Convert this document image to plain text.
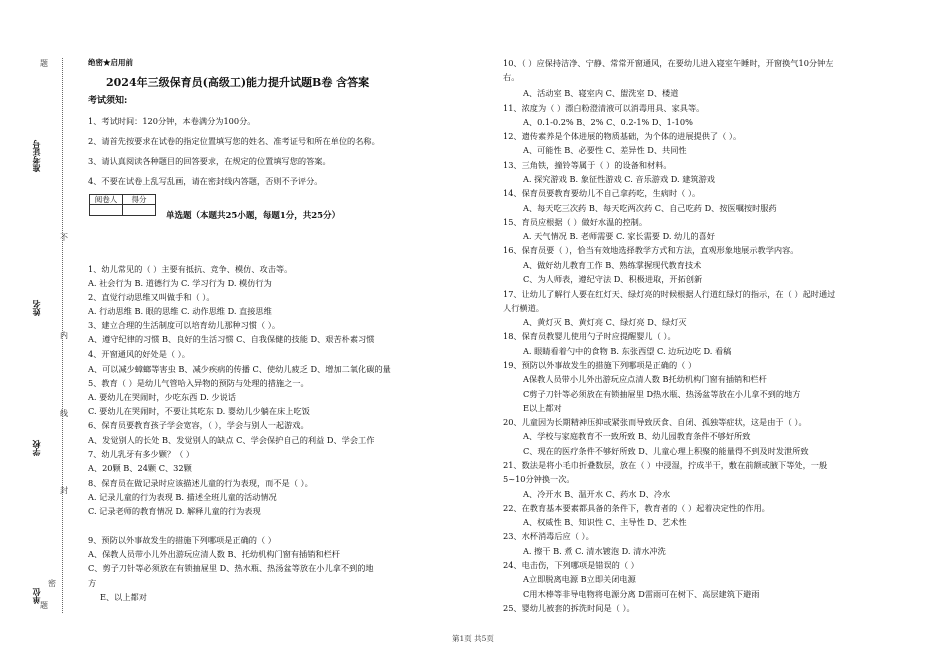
题
准考证号
姓名
学校
单位
不
内
线
封
密
题
绝密★启用前
2024年三级保育员(高级工)能力提升试题B卷 含答案
考试须知:
1、考试时间：120分钟，本卷满分为100分。
2、请首先按要求在试卷的指定位置填写您的姓名、准考证号和所在单位的名称。
3、请认真阅读各种题目的回答要求，在规定的位置填写您的答案。
4、不要在试卷上乱写乱画，请在密封线内答题，否则不予评分。
阅卷人	得分

单选题（本题共25小题，每题1分，共25分）
1、幼儿常见的（ ）主要有抵抗、竞争、模仿、攻击等。
A. 社会行为 B. 道德行为 C. 学习行为 D. 模仿行为
2、直觉行动思维又叫做手和（ ）。
A. 行动思维 B. 眼的思维 C. 动作思维 D. 直接思维
3、建立合理的生活制度可以培育幼儿那种习惯（ ）。
A、遵守纪律的习惯 B、良好的生活习惯 C、自我保健的技能 D、艰苦朴素习惯
4、开窗通风的好处是（ ）。
A、可以减少蟑螂等害虫 B、减少疾病的传播 C、使幼儿疲乏 D、增加二氧化碳的量
5、教育（ ）是幼儿气管哈入异物的预防与处理的措施之一。
A. 要幼儿在哭闹时，少吃东西 D. 少说话
C. 要幼儿在哭闹时，不要让其吃东 D. 婴幼儿少躺在床上吃饭
6、保育员要教育孩子学会宽容，（ ），学会与别人一起游戏。
A、发觉别人的长处 B、发觉别人的缺点 C、学会保护自己的利益 D、学会工作
7、幼儿乳牙有多少颗？（ ）
A、20颗 B、24颗 C、32颗
8、保育员在做记录时应该描述儿童的行为表现，而不是（ ）。
A. 记录儿童的行为表现 B. 描述全班儿童的活动情况
C. 记录老师的教育情况 D. 解释儿童的行为表现
9、预防以外事故发生的措施下列哪项是正确的（ ）
A、保教人员带小儿外出游玩应清人数 B、托幼机构门窗有插销和栏杆
C、剪子刀针等必须放在有锁抽屉里 D、热水瓶、热汤盆等放在小儿拿不到的地
方
E、以上都对
10、（ ）应保持洁净、宁静、常常开窗通风，在要幼儿进入寝室午睡时，开窗换气10分钟左
右。
A、活动室 B、寝室内 C、盥洗室 D、楼道
11、浓度为（ ）漂白粉澄清液可以消毒用具、家具等。
A、0.1-0.2% B、2% C、0.2-1% D、1-10%
12、遗传素养是个体进展的物质基础，为个体的进展提供了（ ）。
A、可能性 B、必要性 C、差异性 D、共同性
13、三角铁，撞铃等属于（ ）的设备和材料。
A. 探究游戏 B. 象征性游戏 C. 音乐游戏 D. 建筑游戏
14、保育员要教育要幼儿不自己拿药吃，生病时（ ）。
A、每天吃三次药 B、每天吃两次药 C、自己吃药 D、按医嘱按时服药
15、育员应根据（ ）做好水温的控制。
A. 天气情况 B. 老师需要 C. 家长需要 D. 幼儿的喜好
16、保育员要（ ），恰当有效地选择教学方式和方法，直观形象地展示教学内容。
A、做好幼儿教育工作 B、熟练掌握现代教育技术
C、为人师表，遵纪守法 D、积极进取，开拓创新
17、让幼儿了解行人要在红灯天、绿灯亮的时候根据人行道红绿灯的指示，在（ ）起时通过
人行横道。
A、黄灯灭 B、黄灯亮 C、绿灯亮 D、绿灯灭
18、保育员教婴儿使用勺子时应提醒婴儿（ ）。
A. 眼睛看着勺中的食物 B. 东张西望 C. 边玩边吃 D. 看稿
19、预防以外事故发生的措施下列哪项是正确的（ ）
A保教人员带小儿外出游玩应点清人数 B托幼机构门窗有插销和栏杆
C剪子刀针等必须放在有锁抽屉里 D热水瓶、热汤盆等放在小儿拿不到的地方
E以上都对
20、儿童因为长期精神压抑或紧张而导致厌食、自闭、孤独等症状，这是由于（ ）。
A、学校与家庭教育不一致所致 B、幼儿园教育条件不够好所致
C、现在的医疗条件不够好所致 D、儿童心理上积聚的能量得不到及时发泄所致
21、数法是将小毛巾折叠数层，放在（ ）中浸湿，拧成半干，敷在前额或腋下等处，一般
5~10分钟换一次。
A、冷开水 B、温开水 C、药水 D、冷水
22、在教育基本要素都具备的条件下，教育者的（ ）起着决定性的作用。
A、权威性 B、知识性 C、主导性 D、艺术性
23、水杯消毒后应（ ）。
A. 擦干 B. 煮 C. 清水镀泡 D. 清水冲洗
24、电击伤，下列哪项是错误的（ ）
A立即脱离电源 B立即关闭电源
C用木棒等非导电物将电源分离 D雷雨可在树下、高层建筑下避雨
25、婴幼儿被套的拆洗时间是（ ）。
第1页 共5页
